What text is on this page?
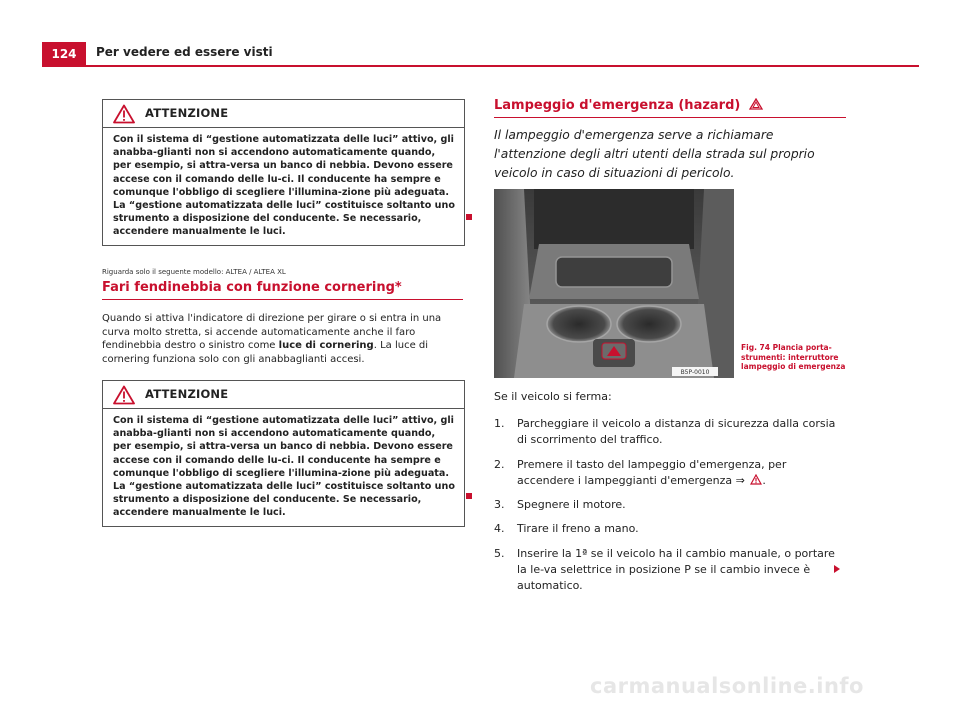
124	Per vedere ed essere visti
ATTENZIONE
Con il sistema di “gestione automatizzata delle luci” attivo, gli anabba-glianti non si accendono automaticamente quando, per esempio, si attra-versa un banco di nebbia. Devono essere accese con il comando delle lu-ci. Il conducente ha sempre e comunque l'obbligo di scegliere l'illumina-zione più adeguata. La “gestione automatizzata delle luci” costituisce soltanto uno strumento a disposizione del conducente. Se necessario, accendere manualmente le luci.
Riguarda solo il seguente modello: ALTEA / ALTEA XL
Fari fendinebbia con funzione cornering*
Quando si attiva l'indicatore di direzione per girare o si entra in una curva molto stretta, si accende automaticamente anche il faro fendinebbia destro o sinistro come luce di cornering. La luce di cornering funziona solo con gli anabbaglianti accesi.
ATTENZIONE
Con il sistema di “gestione automatizzata delle luci” attivo, gli anabba-glianti non si accendono automaticamente quando, per esempio, si attra-versa un banco di nebbia. Devono essere accese con il comando delle lu-ci. Il conducente ha sempre e comunque l'obbligo di scegliere l'illumina-zione più adeguata. La “gestione automatizzata delle luci” costituisce soltanto uno strumento a disposizione del conducente. Se necessario, accendere manualmente le luci.
Lampeggio d'emergenza (hazard)
Il lampeggio d'emergenza serve a richiamare l'attenzione degli altri utenti della strada sul proprio veicolo in caso di situazioni di pericolo.
B5P-0010
Fig. 74 Plancia porta-strumenti: interruttore lampeggio di emergenza
Se il veicolo si ferma:
1. Parcheggiare il veicolo a distanza di sicurezza dalla corsia di scorrimento del traffico.
2. Premere il tasto del lampeggio d'emergenza, per accendere i lampeggianti d'emergenza ⇒ .
3. Spegnere il motore.
4. Tirare il freno a mano.
5. Inserire la 1ª se il veicolo ha il cambio manuale, o portare la le-va selettrice in posizione P se il cambio invece è automatico.
carmanualsonline.info
